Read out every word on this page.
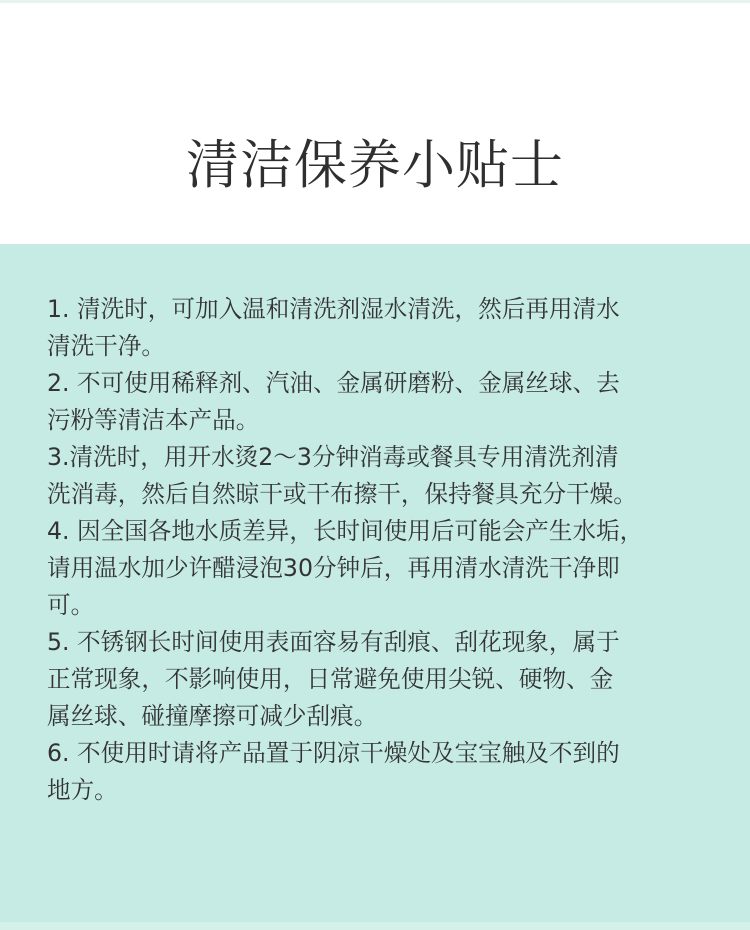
清洁保养小贴士
1. 清洗时，可加入温和清洗剂湿水清洗，然后再用清水
清洗干净。
2. 不可使用稀释剂、汽油、金属研磨粉、金属丝球、去
污粉等清洁本产品。
3.清洗时，用开水烫2～3分钟消毒或餐具专用清洗剂清
洗消毒，然后自然晾干或干布擦干，保持餐具充分干燥。
4. 因全国各地水质差异，长时间使用后可能会产生水垢，
请用温水加少许醋浸泡30分钟后，再用清水清洗干净即
可。
5. 不锈钢长时间使用表面容易有刮痕、刮花现象，属于
正常现象，不影响使用，日常避免使用尖锐、硬物、金
属丝球、碰撞摩擦可减少刮痕。
6. 不使用时请将产品置于阴凉干燥处及宝宝触及不到的
地方。
